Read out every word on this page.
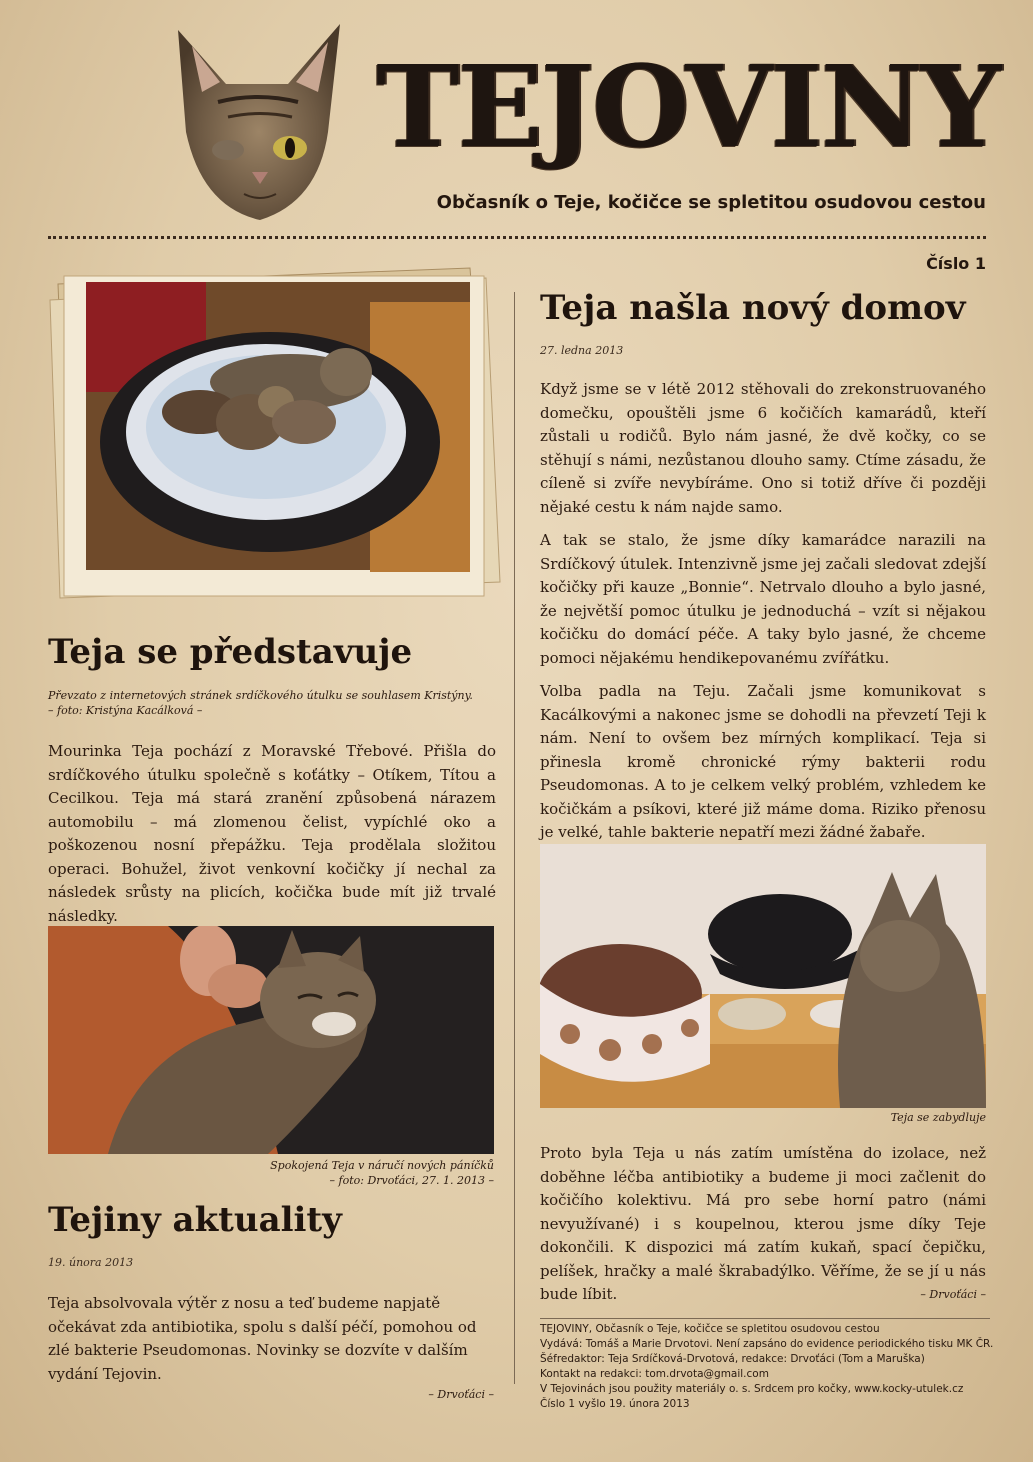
TEJOVINY
Občasník o Teje, kočičce se spletitou osudovou cestou
Číslo 1
Teja se představuje
Převzato z internetových stránek srdíčkového útulku se souhlasem Kristýny.
– foto: Kristýna Kacálková –

Mourinka Teja pochází z Moravské Třebové. Přišla do srdíčkového útulku společně s koťátky – Otíkem, Títou a Cecilkou. Teja má stará zranění způsobená nárazem automobilu – má zlomenou čelist, vypíchlé oko a poškozenou nosní přepážku. Teja prodělala složitou operaci. Bohužel, život venkovní kočičky jí nechal za následek srůsty na plicích, kočička bude mít již trvalé následky.

Spokojená Teja v náručí nových páníčků
– foto: Drvoťáci, 27. 1. 2013 –
Tejiny aktuality
19. února 2013

Teja absolvovala výtěr z nosu a teď budeme napjatě očekávat zda antibiotika, spolu s další péčí, pomohou od zlé bakterie Pseudomonas. Novinky se dozvíte v dalším vydání Tejovin.

– Drvoťáci –
Teja našla nový domov
27. ledna 2013

Když jsme se v létě 2012 stěhovali do zrekonstruovaného domečku, opouštěli jsme 6 kočičích kamarádů, kteří zůstali u rodičů. Bylo nám jasné, že dvě kočky, co se stěhují s námi, nezůstanou dlouho samy. Ctíme zásadu, že cíleně si zvíře nevybíráme. Ono si totiž dříve či později nějaké cestu k nám najde samo.

A tak se stalo, že jsme díky kamarádce narazili na Srdíčkový útulek. Intenzivně jsme jej začali sledovat zdejší kočičky při kauze „Bonnie“. Netrvalo dlouho a bylo jasné, že největší pomoc útulku je jednoduchá – vzít si nějakou kočičku do domácí péče. A taky bylo jasné, že chceme pomoci nějakému hendikepovanému zvířátku.

Volba padla na Teju. Začali jsme komunikovat s Kacálkovými a nakonec jsme se dohodli na převzetí Teji k nám. Není to ovšem bez mírných komplikací. Teja si přinesla kromě chronické rýmy bakterii rodu Pseudomonas. A to je celkem velký problém, vzhledem ke kočičkám a psíkovi, které již máme doma. Riziko přenosu je velké, tahle bakterie nepatří mezi žádné žabaře.

Teja se zabydluje

Proto byla Teja u nás zatím umístěna do izolace, než doběhne léčba antibiotiky a budeme ji moci začlenit do kočičího kolektivu. Má pro sebe horní patro (námi nevyužívané) i s koupelnou, kterou jsme díky Teje dokončili. K dispozici má zatím kukaň, spací čepičku, pelíšek, hračky a malé škrabadýlko. Věříme, že se jí u nás bude líbit.	– Drvoťáci –
TEJOVINY, Občasník o Teje, kočičce se spletitou osudovou cestou
Vydává: Tomáš a Marie Drvotovi. Není zapsáno do evidence periodického tisku MK ČR.
Šéfredaktor: Teja Srdíčková-Drvotová, redakce: Drvoťáci (Tom a Maruška)
Kontakt na redakci: tom.drvota@gmail.com
V Tejovinách jsou použity materiály o. s. Srdcem pro kočky, www.kocky-utulek.cz
Číslo 1 vyšlo 19. února 2013
